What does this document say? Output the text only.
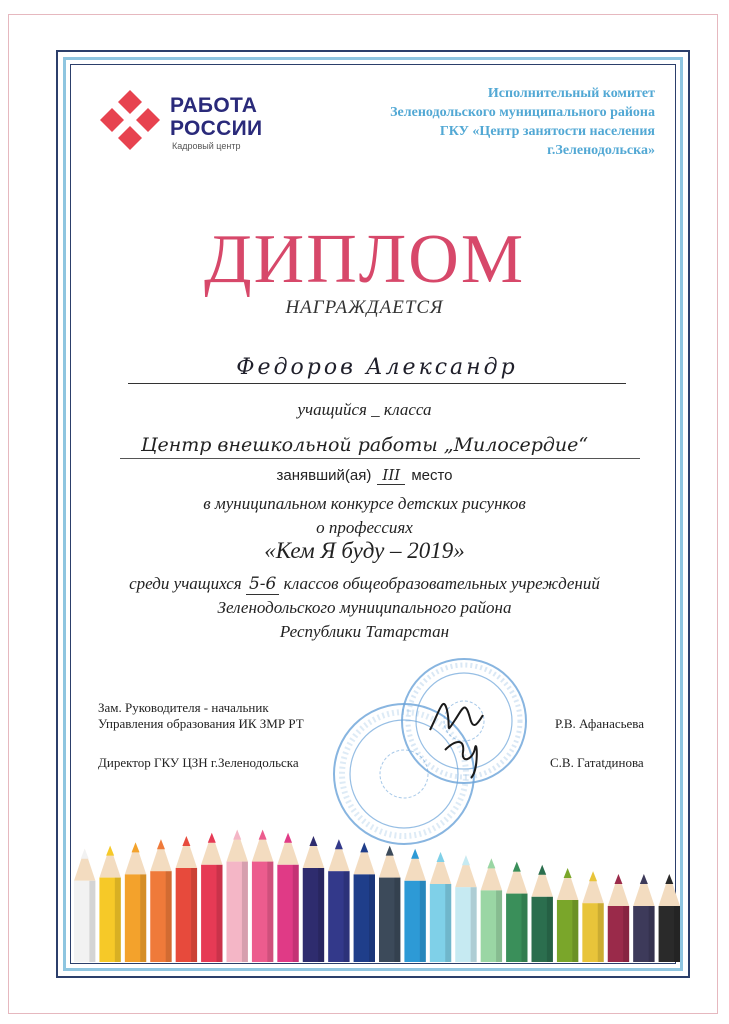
РАБОТА
РОССИИ
Кадровый центр
Исполнительный комитет
Зеленодольского муниципального района
ГКУ «Центр занятости населения
г.Зеленодольска»
ДИПЛОМ
НАГРАЖДАЕТСЯ
Федоров Александр
учащийся _ класса
Центр внешкольной работы „Милосердие“
занявший(ая) III место
в муниципальном конкурсе детских рисунков
о профессиях
«Кем Я буду – 2019»
среди учащихся 5-6 классов общеобразовательных учреждений
Зеленодольского муниципального района
Республики Татарстан
Зам. Руководителя - начальник
Управления образования ИК ЗМР РТ	Р.В. Афанасьева
Директор ГКУ ЦЗН г.Зеленодольска	С.В. Гатаtдинова
